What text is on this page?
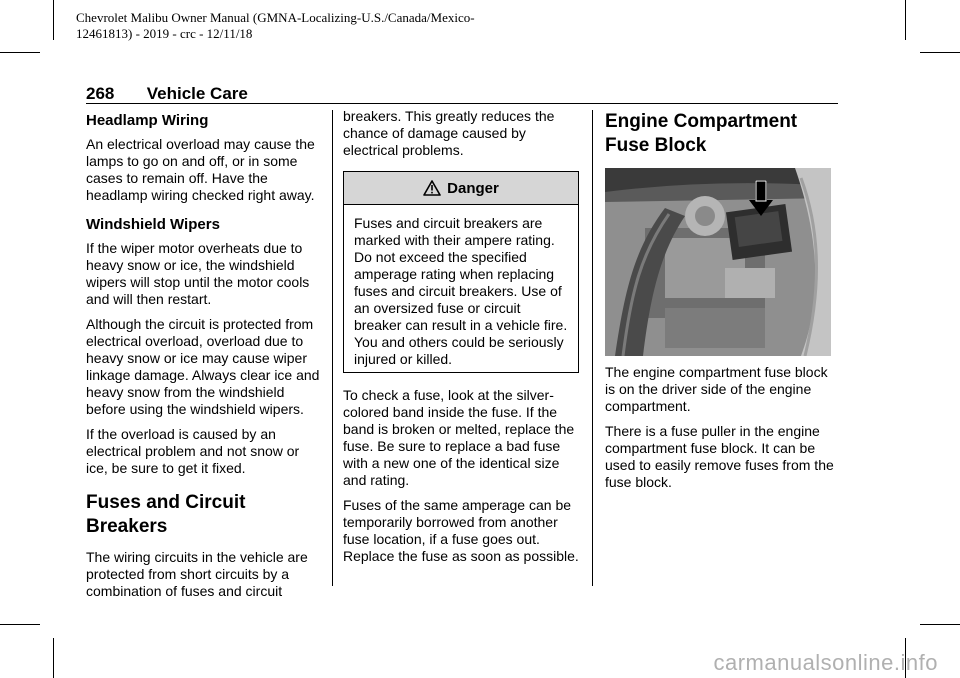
Chevrolet Malibu Owner Manual (GMNA-Localizing-U.S./Canada/Mexico-
12461813) - 2019 - crc - 12/11/18
268 Vehicle Care
Headlamp Wiring

An electrical overload may cause the lamps to go on and off, or in some cases to remain off. Have the headlamp wiring checked right away.

Windshield Wipers

If the wiper motor overheats due to heavy snow or ice, the windshield wipers will stop until the motor cools and will then restart.

Although the circuit is protected from electrical overload, overload due to heavy snow or ice may cause wiper linkage damage. Always clear ice and heavy snow from the windshield before using the windshield wipers.

If the overload is caused by an electrical problem and not snow or ice, be sure to get it fixed.

Fuses and Circuit Breakers

The wiring circuits in the vehicle are protected from short circuits by a combination of fuses and circuit

breakers. This greatly reduces the chance of damage caused by electrical problems.

Danger
Fuses and circuit breakers are marked with their ampere rating. Do not exceed the specified amperage rating when replacing fuses and circuit breakers. Use of an oversized fuse or circuit breaker can result in a vehicle fire. You and others could be seriously injured or killed.

To check a fuse, look at the silver-colored band inside the fuse. If the band is broken or melted, replace the fuse. Be sure to replace a bad fuse with a new one of the identical size and rating.

Fuses of the same amperage can be temporarily borrowed from another fuse location, if a fuse goes out. Replace the fuse as soon as possible.

Engine Compartment Fuse Block

The engine compartment fuse block is on the driver side of the engine compartment.

There is a fuse puller in the engine compartment fuse block. It can be used to easily remove fuses from the fuse block.

carmanualsonline.info
